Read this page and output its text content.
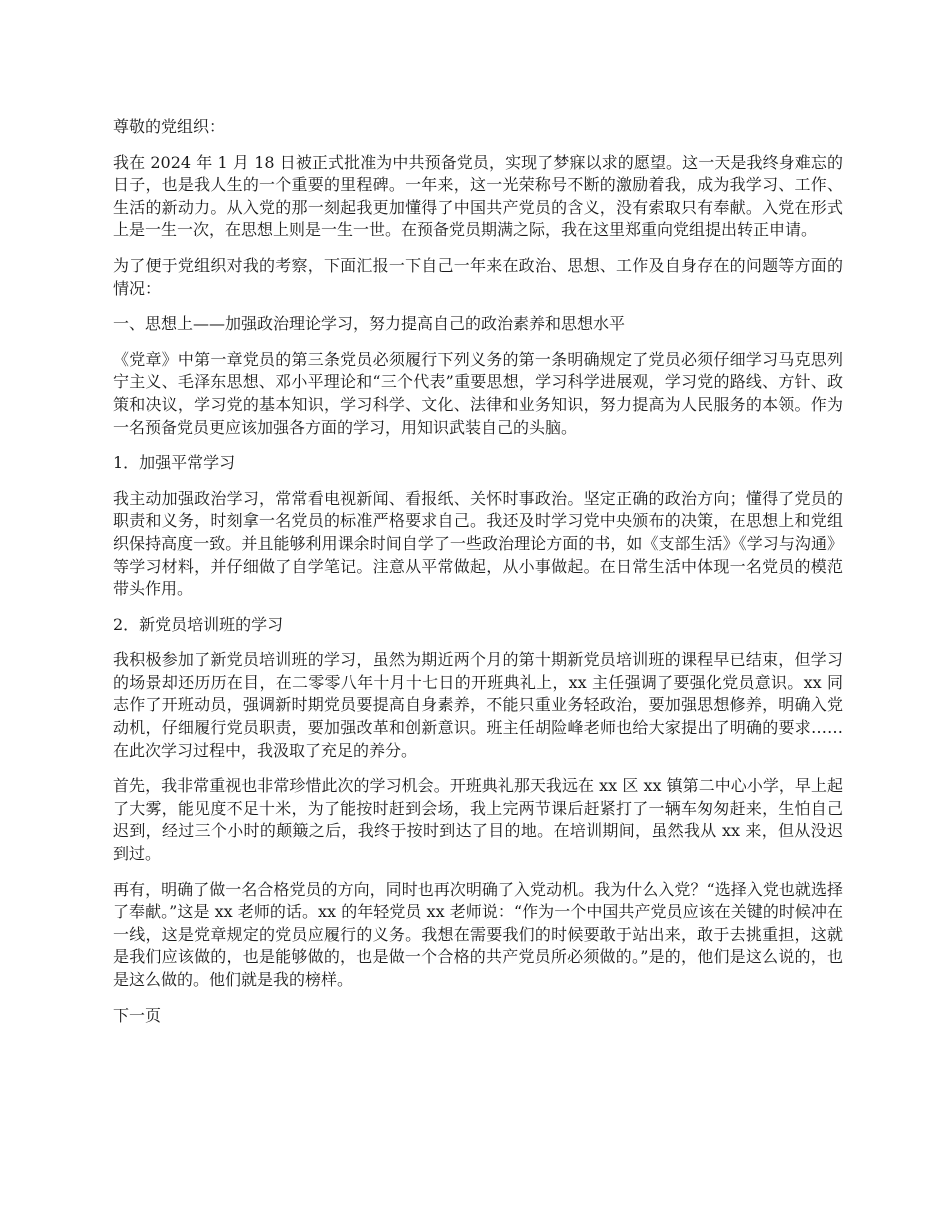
尊敬的党组织：

我在 2024 年 1 月 18 日被正式批准为中共预备党员，实现了梦寐以求的愿望。这一天是我终身难忘的日子，也是我人生的一个重要的里程碑。一年来，这一光荣称号不断的激励着我，成为我学习、工作、生活的新动力。从入党的那一刻起我更加懂得了中国共产党员的含义，没有索取只有奉献。入党在形式上是一生一次，在思想上则是一生一世。在预备党员期满之际，我在这里郑重向党组提出转正申请。

为了便于党组织对我的考察，下面汇报一下自己一年来在政治、思想、工作及自身存在的问题等方面的情况：

一、思想上——加强政治理论学习，努力提高自己的政治素养和思想水平

《党章》中第一章党员的第三条党员必须履行下列义务的第一条明确规定了党员必须仔细学习马克思列宁主义、毛泽东思想、邓小平理论和“三个代表”重要思想，学习科学进展观，学习党的路线、方针、政策和决议，学习党的基本知识，学习科学、文化、法律和业务知识，努力提高为人民服务的本领。作为一名预备党员更应该加强各方面的学习，用知识武装自己的头脑。

1．加强平常学习

我主动加强政治学习，常常看电视新闻、看报纸、关怀时事政治。坚定正确的政治方向；懂得了党员的职责和义务，时刻拿一名党员的标准严格要求自己。我还及时学习党中央颁布的决策，在思想上和党组织保持高度一致。并且能够利用课余时间自学了一些政治理论方面的书，如《支部生活》《学习与沟通》等学习材料，并仔细做了自学笔记。注意从平常做起，从小事做起。在日常生活中体现一名党员的模范带头作用。

2．新党员培训班的学习

我积极参加了新党员培训班的学习，虽然为期近两个月的第十期新党员培训班的课程早已结束，但学习的场景却还历历在目，在二零零八年十月十七日的开班典礼上，xx 主任强调了要强化党员意识。xx 同志作了开班动员，强调新时期党员要提高自身素养，不能只重业务轻政治，要加强思想修养，明确入党动机，仔细履行党员职责，要加强改革和创新意识。班主任胡险峰老师也给大家提出了明确的要求……在此次学习过程中，我汲取了充足的养分。

首先，我非常重视也非常珍惜此次的学习机会。开班典礼那天我远在 xx 区 xx 镇第二中心小学，早上起了大雾，能见度不足十米，为了能按时赶到会场，我上完两节课后赶紧打了一辆车匆匆赶来，生怕自己迟到，经过三个小时的颠簸之后，我终于按时到达了目的地。在培训期间，虽然我从 xx 来，但从没迟到过。

再有，明确了做一名合格党员的方向，同时也再次明确了入党动机。我为什么入党？“选择入党也就选择了奉献。”这是 xx 老师的话。xx 的年轻党员 xx 老师说：“作为一个中国共产党员应该在关键的时候冲在一线，这是党章规定的党员应履行的义务。我想在需要我们的时候要敢于站出来，敢于去挑重担，这就是我们应该做的，也是能够做的，也是做一个合格的共产党员所必须做的。”是的，他们是这么说的，也是这么做的。他们就是我的榜样。

下一页
